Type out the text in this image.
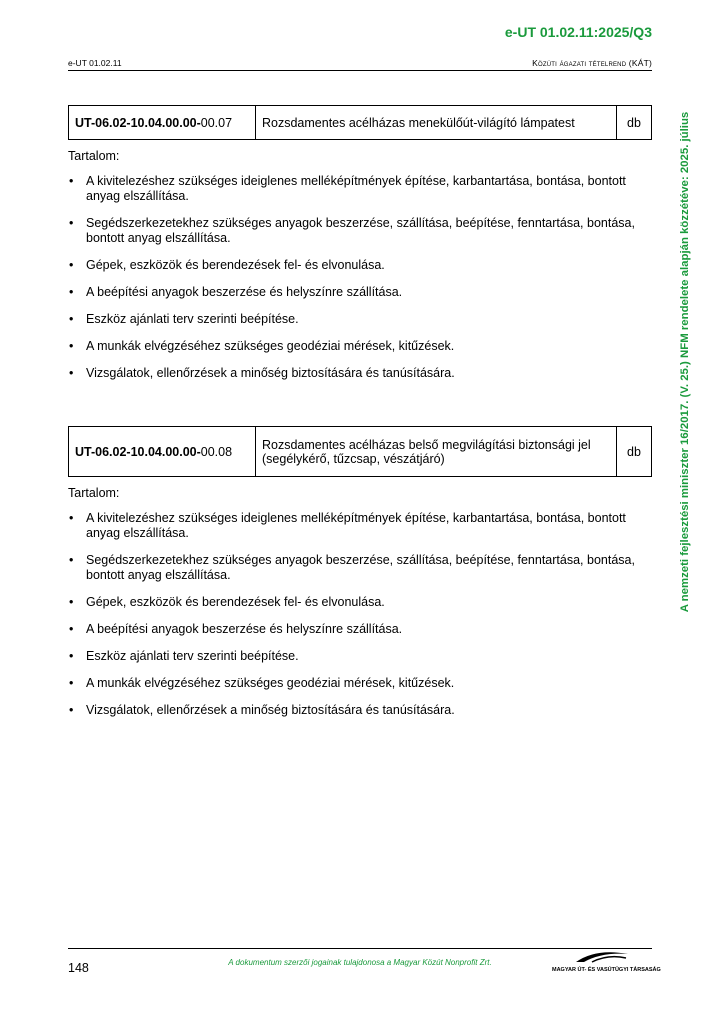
e-UT 01.02.11:2025/Q3
e-UT 01.02.11	Közúti ágazati tételrend (KÁT)
A nemzeti fejlesztési miniszter 16/2017. (V. 25.) NFM rendelete alapján közzétéve: 2025. július
UT-06.02-10.04.00.00-00.07	Rozsdamentes acélházas menekülőút-világító lámpatest	db
Tartalom:
• A kivitelezéshez szükséges ideiglenes melléképítmények építése, karbantartása, bontása, bontott anyag elszállítása.
• Segédszerkezetekhez szükséges anyagok beszerzése, szállítása, beépítése, fenntartása, bontása, bontott anyag elszállítása.
• Gépek, eszközök és berendezések fel- és elvonulása.
• A beépítési anyagok beszerzése és helyszínre szállítása.
• Eszköz ajánlati terv szerinti beépítése.
• A munkák elvégzéséhez szükséges geodéziai mérések, kitűzések.
• Vizsgálatok, ellenőrzések a minőség biztosítására és tanúsítására.
UT-06.02-10.04.00.00-00.08	Rozsdamentes acélházas belső megvilágítási biztonsági jel (segélykérő, tűzcsap, vészátjáró)	db
Tartalom:
• A kivitelezéshez szükséges ideiglenes melléképítmények építése, karbantartása, bontása, bontott anyag elszállítása.
• Segédszerkezetekhez szükséges anyagok beszerzése, szállítása, beépítése, fenntartása, bontása, bontott anyag elszállítása.
• Gépek, eszközök és berendezések fel- és elvonulása.
• A beépítési anyagok beszerzése és helyszínre szállítása.
• Eszköz ajánlati terv szerinti beépítése.
• A munkák elvégzéséhez szükséges geodéziai mérések, kitűzések.
• Vizsgálatok, ellenőrzések a minőség biztosítására és tanúsítására.
148	A dokumentum szerzői jogainak tulajdonosa a Magyar Közút Nonprofit Zrt.
MAGYAR ÚT- ÉS VASÚTÜGYI TÁRSASÁG
